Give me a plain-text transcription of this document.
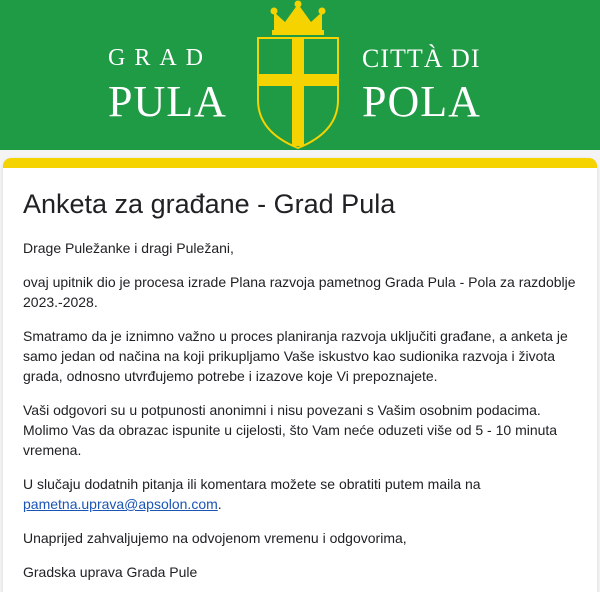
GRAD
PULA
CITTÀ DI
POLA
Anketa za građane - Grad Pula

Drage Puležanke i dragi Puležani,

ovaj upitnik dio je procesa izrade Plana razvoja pametnog Grada Pula - Pola za razdoblje 2023.-2028.

Smatramo da je iznimno važno u proces planiranja razvoja uključiti građane, a anketa je samo jedan od načina na koji prikupljamo Vaše iskustvo kao sudionika razvoja i života grada, odnosno utvrđujemo potrebe i izazove koje Vi prepoznajete.

Vaši odgovori su u potpunosti anonimni i nisu povezani s Vašim osobnim podacima. Molimo Vas da obrazac ispunite u cijelosti, što Vam neće oduzeti više od 5 - 10 minuta vremena.

U slučaju dodatnih pitanja ili komentara možete se obratiti putem maila na pametna.uprava@apsolon.com.

Unaprijed zahvaljujemo na odvojenom vremenu i odgovorima,

Gradska uprava Grada Pule
